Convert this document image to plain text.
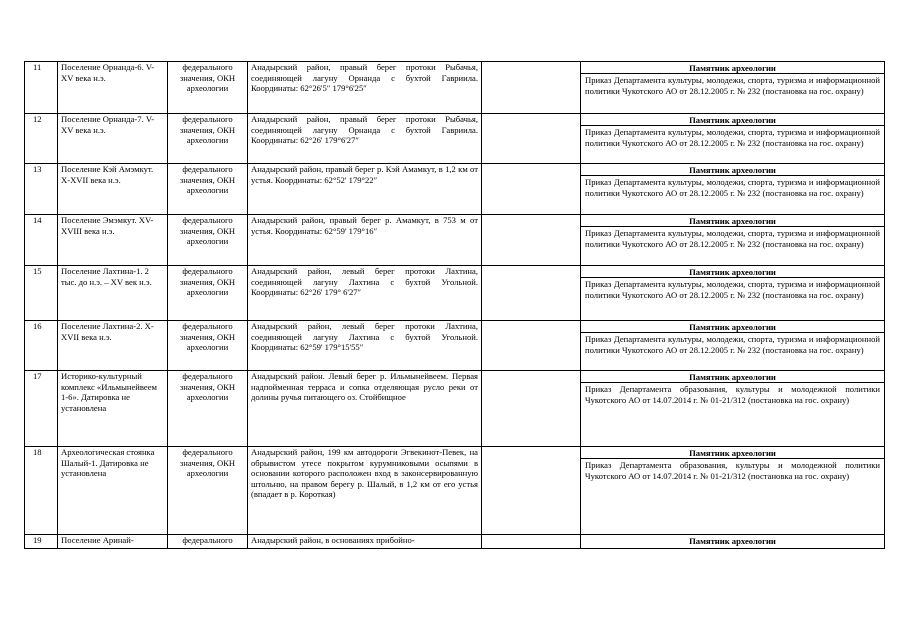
11	Поселение Орнанда-6. V-XV века н.э.	федерального значения, ОКН археологии	Анадырский район, правый берег протоки Рыбачья, соединяющей лагуну Орнанда с бухтой Гавриила. Координаты: 62°26'5″ 179°6'25″		Памятник археологии
Приказ Департамента культуры, молодежи, спорта, туризма и информационной политики Чукотского АО от 28.12.2005 г. № 232 (постановка на гос. охрану)

12	Поселение Орнанда-7. V-XV века н.э.	федерального значения, ОКН археологии	Анадырский район, правый берег протоки Рыбачья, соединяющей лагуну Орнанда с бухтой Гавриила. Координаты: 62°26' 179°6'27″		Памятник археологии
Приказ Департамента культуры, молодежи, спорта, туризма и информационной политики Чукотского АО от 28.12.2005 г. № 232 (постановка на гос. охрану)

13	Поселение Кэй Амэмкут. X-XVII века н.э.	федерального значения, ОКН археологии	Анадырский район, правый берег р. Кэй Амамкут, в 1,2 км от устья. Координаты: 62°52' 179°22″		Памятник археологии
Приказ Департамента культуры, молодежи, спорта, туризма и информационной политики Чукотского АО от 28.12.2005 г. № 232 (постановка на гос. охрану)

14	Поселение Эмэмкут. XV-XVIII века н.э.	федерального значения, ОКН археологии	Анадырский район, правый берег р. Амамкут, в 753 м от устья. Координаты: 62°59' 179°16″		Памятник археологии
Приказ Департамента культуры, молодежи, спорта, туризма и информационной политики Чукотского АО от 28.12.2005 г. № 232 (постановка на гос. охрану)

15	Поселение Лахтина-1. 2 тыс. до н.э. – XV век н.э.	федерального значения, ОКН археологии	Анадырский район, левый берег протоки Лахтина, соединяющей лагуну Лахтина с бухтой Угольной. Координаты: 62°26' 179° 6'27″		Памятник археологии
Приказ Департамента культуры, молодежи, спорта, туризма и информационной политики Чукотского АО от 28.12.2005 г. № 232 (постановка на гос. охрану)

16	Поселение Лахтина-2. X-XVII века н.э.	федерального значения, ОКН археологии	Анадырский район, левый берег протоки Лахтина, соединяющей лагуну Лахтина с бухтой Угольной. Координаты: 62°59' 179°15'55″		Памятник археологии
Приказ Департамента культуры, молодежи, спорта, туризма и информационной политики Чукотского АО от 28.12.2005 г. № 232 (постановка на гос. охрану)

17	Историко-культурный комплекс «Ильмынейвеем 1-6». Датировка не установлена	федерального значения, ОКН археологии	Анадырский район. Левый берег р. Ильмынейвеем. Первая надпойменная терраса и сопка отделяющая русло реки от долины ручья питающего оз. Стойбищное		Памятник археологии
Приказ Департамента образования, культуры и молодежной политики Чукотского АО от 14.07.2014 г. № 01-21/312 (постановка на гос. охрану)

18	Археологическая стоянка Шалый-1. Датировка не установлена	федерального значения, ОКН археологии	Анадырский район, 199 км автодороги Эгвекинот-Певек, на обрывистом утесе покрытом курумниковыми осыпями в основании которого расположен вход в законсервированную штольню, на правом берегу р. Шалый, в 1,2 км от его устья (впадает в р. Короткая)		Памятник археологии
Приказ Департамента образования, культуры и молодежной политики Чукотского АО от 14.07.2014 г. № 01-21/312 (постановка на гос. охрану)

19	Поселение Аринай-	федерального	Анадырский район, в основаниях прибойно-		Памятник археологии
